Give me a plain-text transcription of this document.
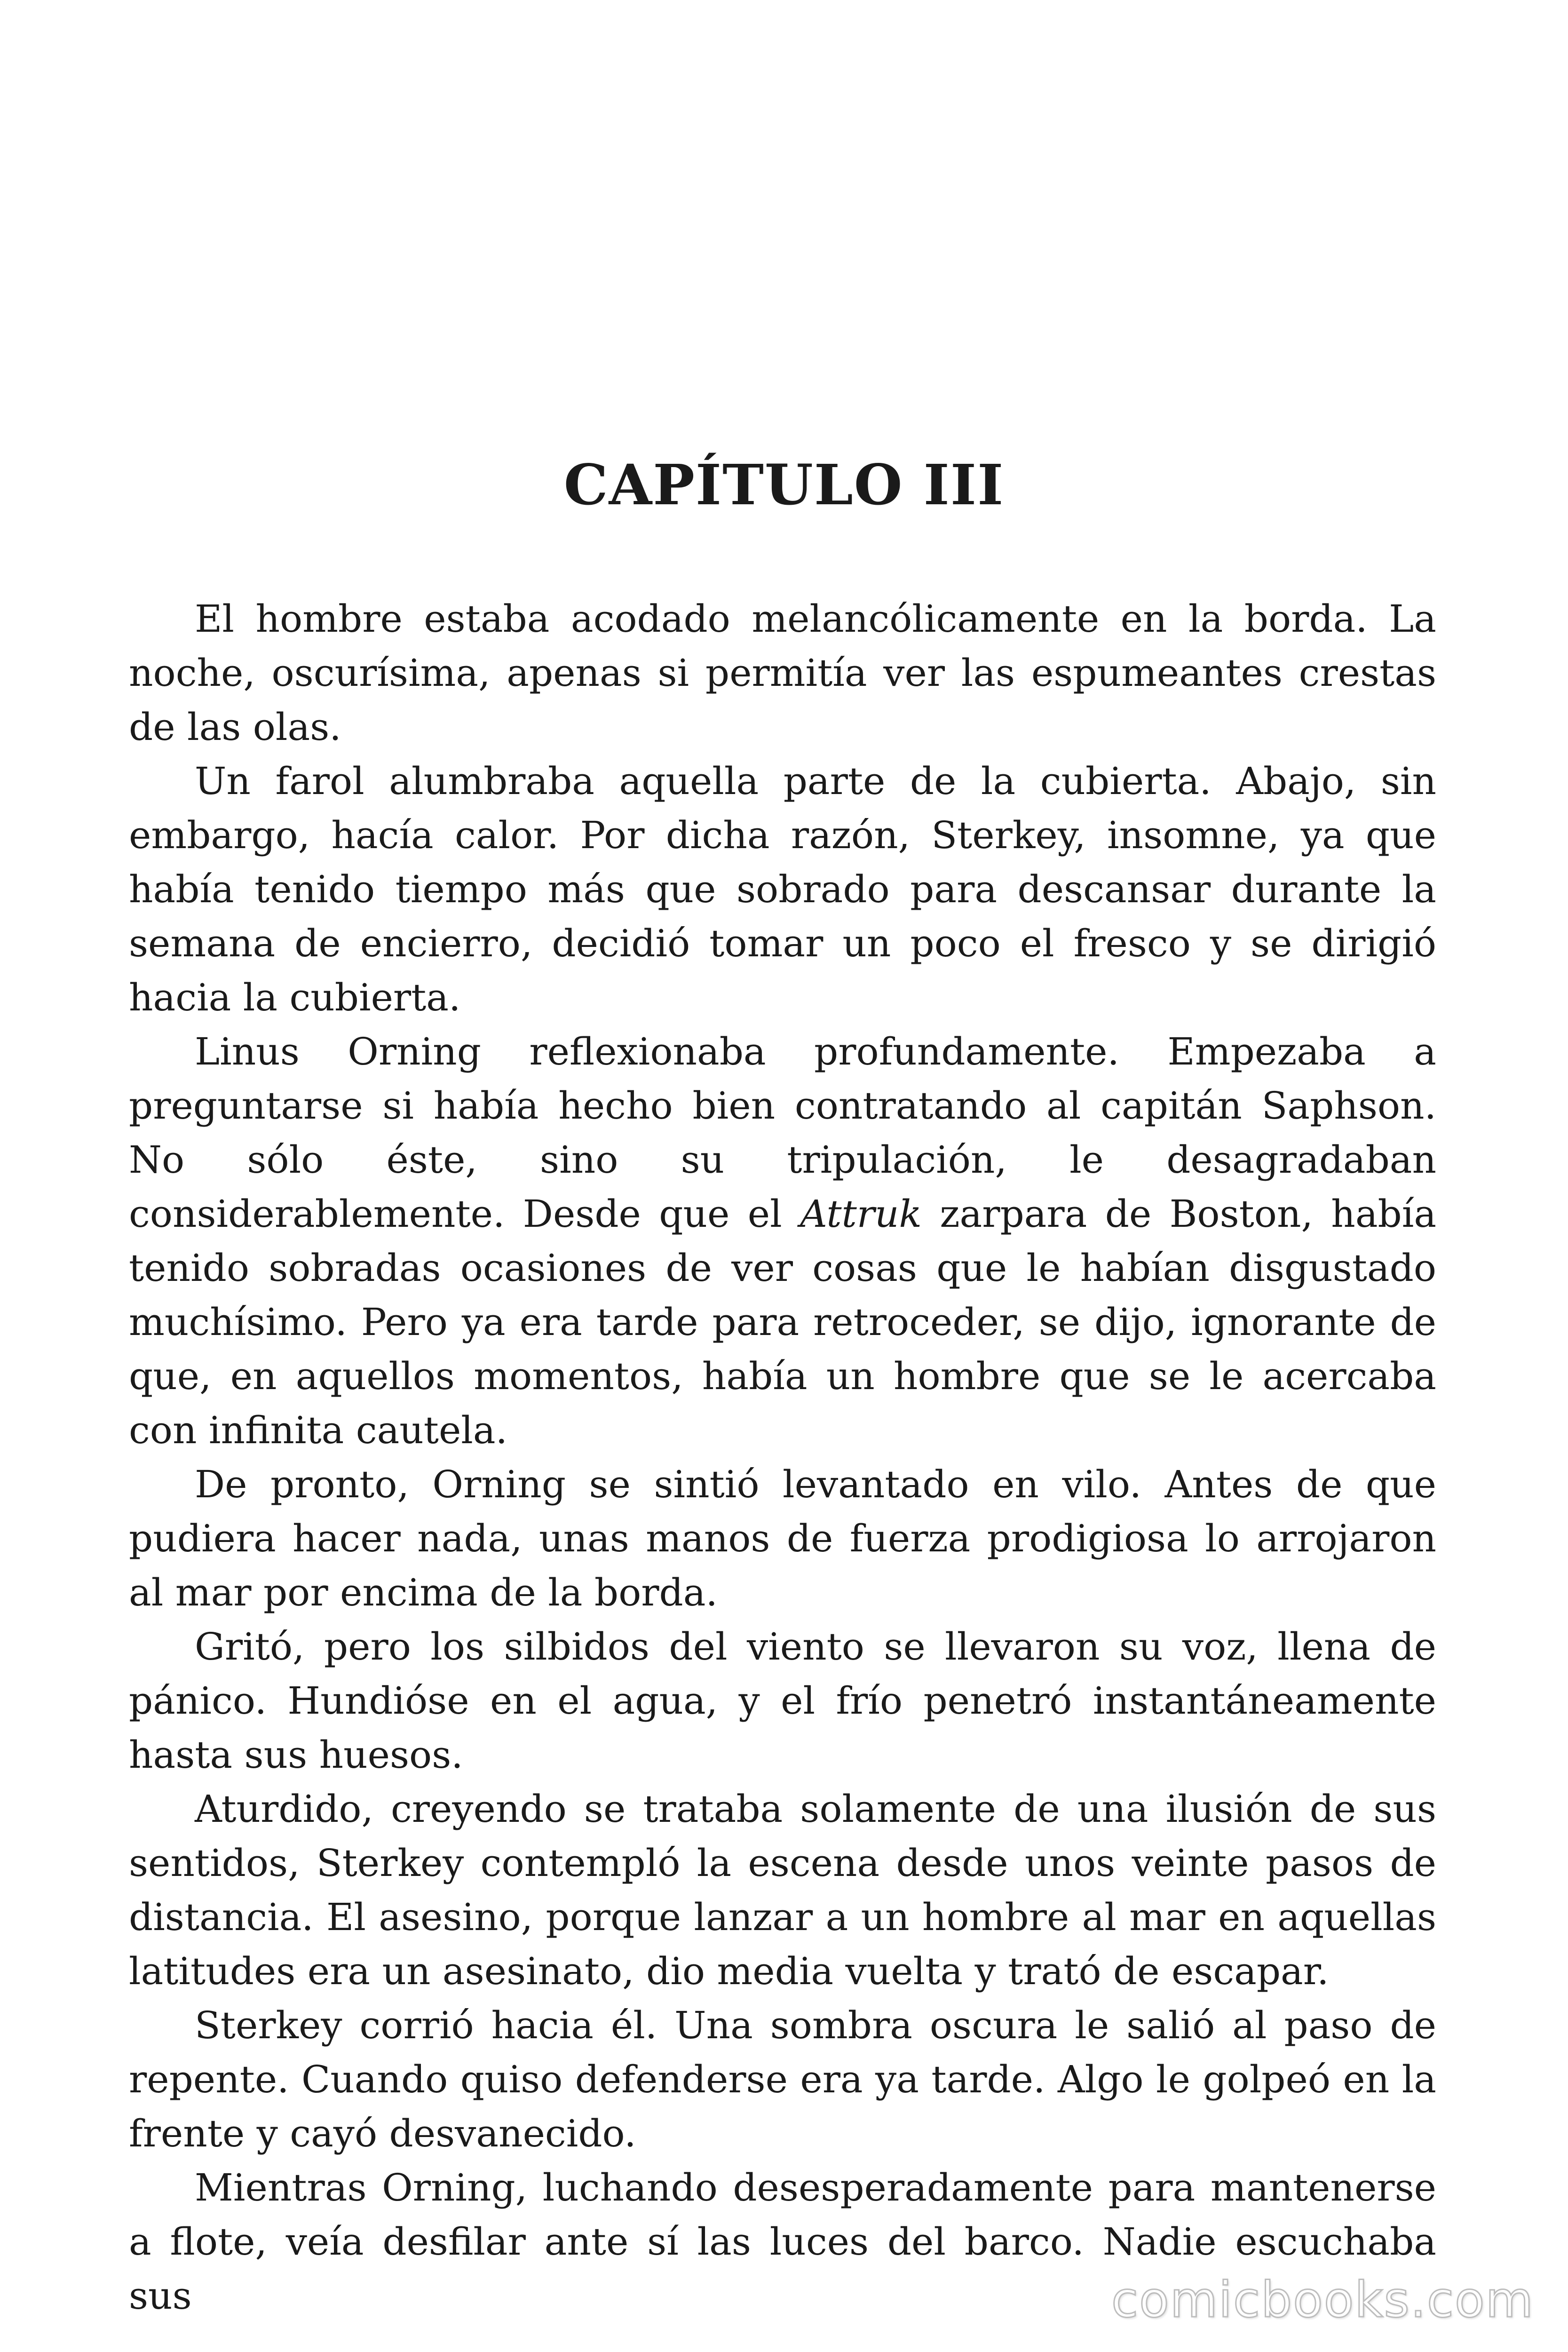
CAPÍTULO III

El hombre estaba acodado melancólicamente en la borda. La noche, oscurísima, apenas si permitía ver las espumeantes crestas de las olas.

Un farol alumbraba aquella parte de la cubierta. Abajo, sin embargo, hacía calor. Por dicha razón, Sterkey, insomne, ya que había tenido tiempo más que sobrado para descansar durante la semana de encierro, decidió tomar un poco el fresco y se dirigió hacia la cubierta.

Linus Orning reflexionaba profundamente. Empezaba a preguntarse si había hecho bien contratando al capitán Saphson. No sólo éste, sino su tripulación, le desagradaban considerablemente. Desde que el Attruk zarpara de Boston, había tenido sobradas ocasiones de ver cosas que le habían disgustado muchísimo. Pero ya era tarde para retroceder, se dijo, ignorante de que, en aquellos momentos, había un hombre que se le acercaba con infinita cautela.

De pronto, Orning se sintió levantado en vilo. Antes de que pudiera hacer nada, unas manos de fuerza prodigiosa lo arrojaron al mar por encima de la borda.

Gritó, pero los silbidos del viento se llevaron su voz, llena de pánico. Hundióse en el agua, y el frío penetró instantáneamente hasta sus huesos.

Aturdido, creyendo se trataba solamente de una ilusión de sus sentidos, Sterkey contempló la escena desde unos veinte pasos de distancia. El asesino, porque lanzar a un hombre al mar en aquellas latitudes era un asesinato, dio media vuelta y trató de escapar.

Sterkey corrió hacia él. Una sombra oscura le salió al paso de repente. Cuando quiso defenderse era ya tarde. Algo le golpeó en la frente y cayó desvanecido.

Mientras Orning, luchando desesperadamente para mantenerse a flote, veía desfilar ante sí las luces del barco. Nadie escuchaba sus	comicbooks.com
